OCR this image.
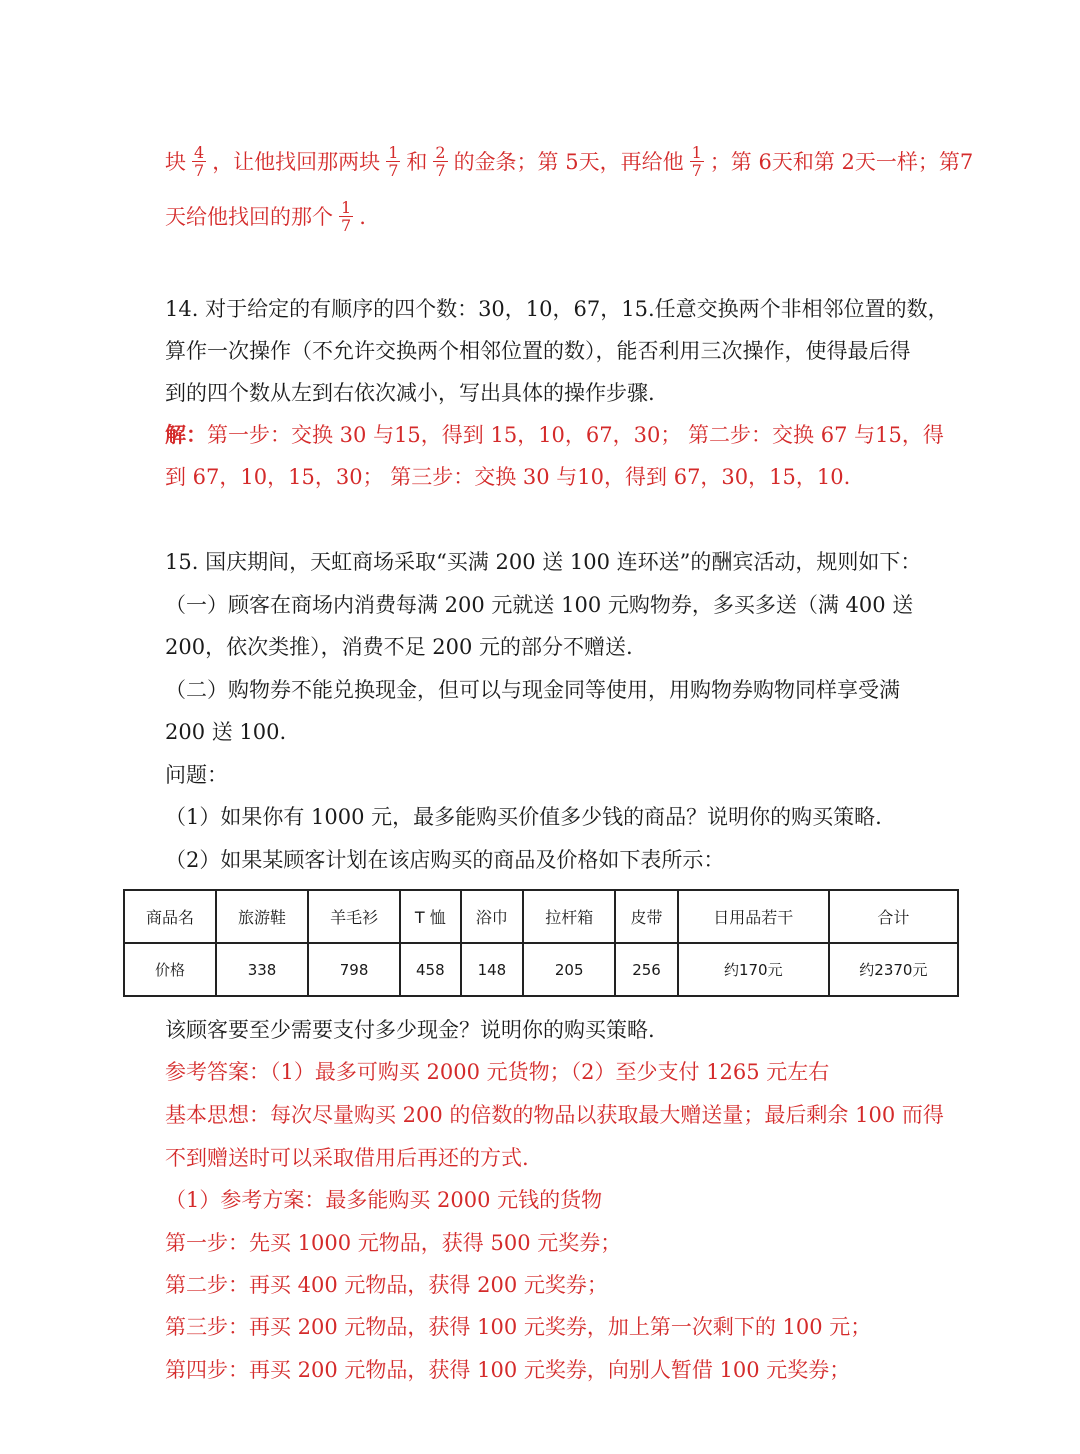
块 $\frac{4}{7}$ ，让他找回那两块 $\frac{1}{7}$ 和 $\frac{2}{7}$ 的金条；第 5天，再给他 $\frac{1}{7}$ ；第 6天和第 2天一样；第7
天给他找回的那个 $\frac{1}{7}$ .
14. 对于给定的有顺序的四个数：30，10，67，15.任意交换两个非相邻位置的数，
算作一次操作（不允许交换两个相邻位置的数），能否利用三次操作，使得最后得
到的四个数从左到右依次减小，写出具体的操作步骤.
解：第一步：交换 30 与15，得到 15，10，67，30； 第二步：交换 67 与15，得
到 67，10，15，30； 第三步：交换 30 与10，得到 67，30，15，10.
15. 国庆期间，天虹商场采取“买满 200 送 100 连环送”的酬宾活动，规则如下：
（一）顾客在商场内消费每满 200 元就送 100 元购物券，多买多送（满 400 送
200，依次类推），消费不足 200 元的部分不赠送.
（二）购物券不能兑换现金，但可以与现金同等使用，用购物券购物同样享受满
200 送 100.
问题：
（1）如果你有 1000 元，最多能购买价值多少钱的商品？说明你的购买策略.
（2）如果某顾客计划在该店购买的商品及价格如下表所示：
商品名	旅游鞋	羊毛衫	T 恤	浴巾	拉杆箱	皮带	日用品若干	合计
价格	338	798	458	148	205	256	约170元	约2370元
该顾客要至少需要支付多少现金？说明你的购买策略.
参考答案：（1）最多可购买 2000 元货物；（2）至少支付 1265 元左右
基本思想：每次尽量购买 200 的倍数的物品以获取最大赠送量；最后剩余 100 而得
不到赠送时可以采取借用后再还的方式.
（1）参考方案：最多能购买 2000 元钱的货物
第一步：先买 1000 元物品，获得 500 元奖券；
第二步：再买 400 元物品，获得 200 元奖券；
第三步：再买 200 元物品，获得 100 元奖券，加上第一次剩下的 100 元；
第四步：再买 200 元物品，获得 100 元奖券，向别人暂借 100 元奖券；
